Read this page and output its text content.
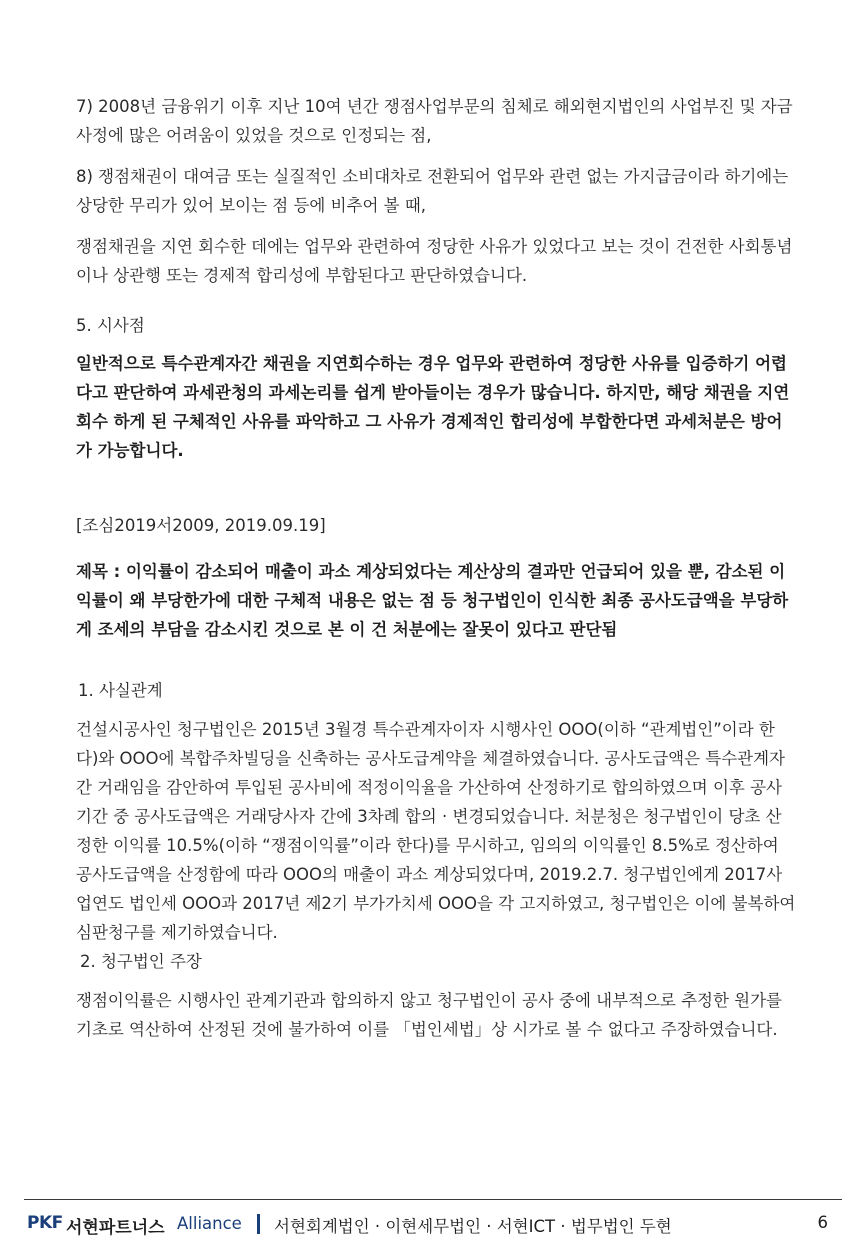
7) 2008년 금융위기 이후 지난 10여 년간 쟁점사업부문의 침체로 해외현지법인의 사업부진 및 자금사정에 많은 어려움이 있었을 것으로 인정되는 점,

8) 쟁점채권이 대여금 또는 실질적인 소비대차로 전환되어 업무와 관련 없는 가지급금이라 하기에는 상당한 무리가 있어 보이는 점 등에 비추어 볼 때,

쟁점채권을 지연 회수한 데에는 업무와 관련하여 정당한 사유가 있었다고 보는 것이 건전한 사회통념이나 상관행 또는 경제적 합리성에 부합된다고 판단하였습니다.

5. 시사점

일반적으로 특수관계자간 채권을 지연회수하는 경우 업무와 관련하여 정당한 사유를 입증하기 어렵다고 판단하여 과세관청의 과세논리를 쉽게 받아들이는 경우가 많습니다. 하지만, 해당 채권을 지연회수 하게 된 구체적인 사유를 파악하고 그 사유가 경제적인 합리성에 부합한다면 과세처분은 방어가 가능합니다.

[조심2019서2009, 2019.09.19]

제목 : 이익률이 감소되어 매출이 과소 계상되었다는 계산상의 결과만 언급되어 있을 뿐, 감소된 이익률이 왜 부당한가에 대한 구체적 내용은 없는 점 등 청구법인이 인식한 최종 공사도급액을 부당하게 조세의 부담을 감소시킨 것으로 본 이 건 처분에는 잘못이 있다고 판단됨

1. 사실관계

건설시공사인 청구법인은 2015년 3월경 특수관계자이자 시행사인 OOO(이하 “관계법인”이라 한다)와 OOO에 복합주차빌딩을 신축하는 공사도급계약을 체결하였습니다. 공사도급액은 특수관계자 간 거래임을 감안하여 투입된 공사비에 적정이익율을 가산하여 산정하기로 합의하였으며 이후 공사기간 중 공사도급액은 거래당사자 간에 3차례 합의 · 변경되었습니다. 처분청은 청구법인이 당초 산정한 이익률 10.5%(이하 “쟁점이익률”이라 한다)를 무시하고, 임의의 이익률인 8.5%로 정산하여 공사도급액을 산정함에 따라 OOO의 매출이 과소 계상되었다며, 2019.2.7. 청구법인에게 2017사업연도 법인세 OOO과 2017년 제2기 부가가치세 OOO을 각 고지하였고, 청구법인은 이에 불복하여 심판청구를 제기하였습니다.

2. 청구법인 주장

쟁점이익률은 시행사인 관계기관과 합의하지 않고 청구법인이 공사 중에 내부적으로 추정한 원가를 기초로 역산하여 산정된 것에 불가하여 이를 「법인세법」상 시가로 볼 수 없다고 주장하였습니다.

PKF 서현파트너스 Alliance 서현회계법인 · 이현세무법인 · 서현ICT · 법무법인 두현	6
